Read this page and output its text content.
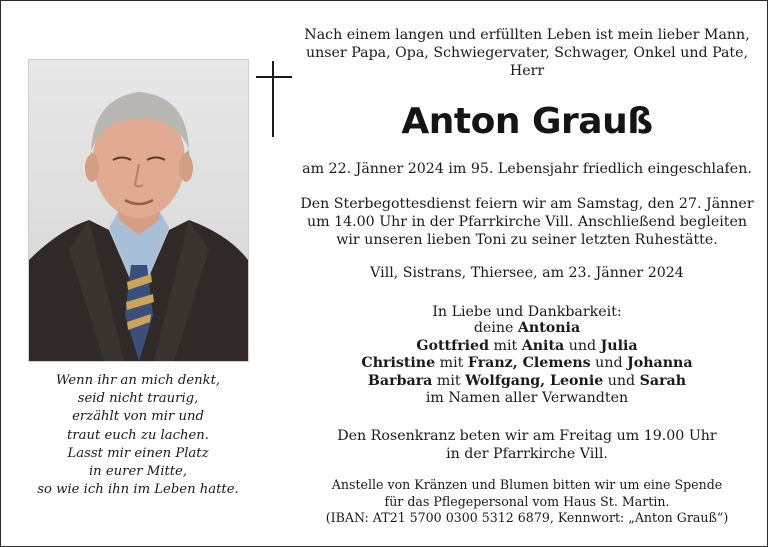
Nach einem langen und erfüllten Leben ist mein lieber Mann,
unser Papa, Opa, Schwiegervater, Schwager, Onkel und Pate,
Herr
Anton Grauß
am 22. Jänner 2024 im 95. Lebensjahr friedlich eingeschlafen.
Den Sterbegottesdienst feiern wir am Samstag, den 27. Jänner
um 14.00 Uhr in der Pfarrkirche Vill. Anschließend begleiten
wir unseren lieben Toni zu seiner letzten Ruhestätte.
Vill, Sistrans, Thiersee, am 23. Jänner 2024
In Liebe und Dankbarkeit:
deine Antonia
Gottfried mit Anita und Julia
Christine mit Franz, Clemens und Johanna
Barbara mit Wolfgang, Leonie und Sarah
im Namen aller Verwandten
Den Rosenkranz beten wir am Freitag um 19.00 Uhr
in der Pfarrkirche Vill.
Anstelle von Kränzen und Blumen bitten wir um eine Spende
für das Pflegepersonal vom Haus St. Martin.
(IBAN: AT21 5700 0300 5312 6879, Kennwort: „Anton Grauß“)
Wenn ihr an mich denkt,
seid nicht traurig,
erzählt von mir und
traut euch zu lachen.
Lasst mir einen Platz
in eurer Mitte,
so wie ich ihn im Leben hatte.
